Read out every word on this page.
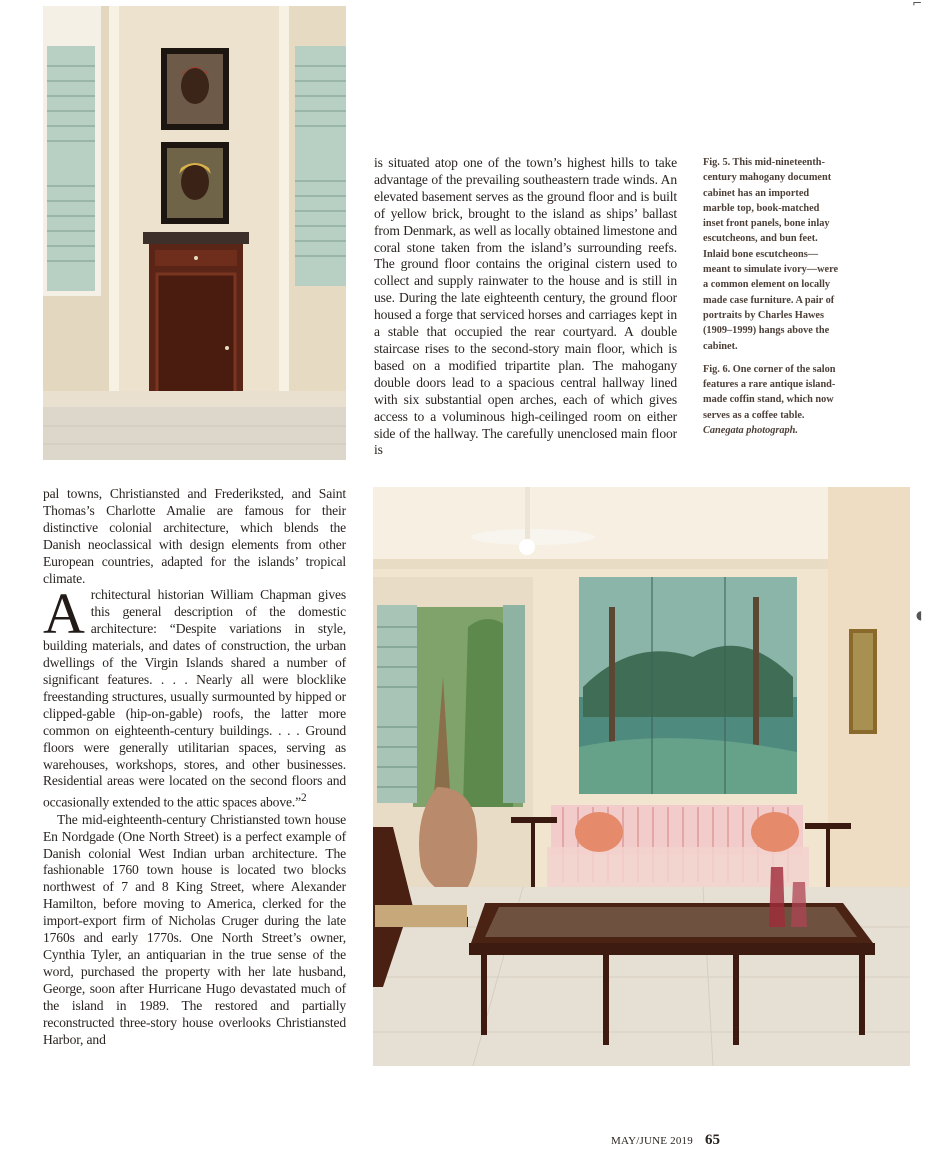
is situated atop one of the town’s highest hills to take advantage of the prevailing southeastern trade winds. An elevated basement serves as the ground floor and is built of yellow brick, brought to the island as ships’ ballast from Denmark, as well as locally obtained limestone and coral stone taken from the island’s surrounding reefs. The ground floor contains the original cistern used to collect and supply rainwater to the house and is still in use. During the late eighteenth century, the ground floor housed a forge that serviced horses and carriages kept in a stable that occupied the rear courtyard. A double staircase rises to the second-story main floor, which is based on a modified tripartite plan. The mahogany double doors lead to a spacious central hallway lined with six substantial open arches, each of which gives access to a voluminous high-ceilinged room on either side of the hallway. The carefully unenclosed main floor is

Fig. 5. This mid-nineteenth-century mahogany document cabinet has an imported marble top, book-matched inset front panels, bone inlay escutcheons, and bun feet. Inlaid bone escutcheons—meant to simulate ivory—were a common element on locally made case furniture. A pair of portraits by Charles Hawes (1909–1999) hangs above the cabinet.

Fig. 6. One corner of the salon features a rare antique island-made coffin stand, which now serves as a coffee table. Canegata photograph.

pal towns, Christiansted and Frederiksted, and Saint Thomas’s Charlotte Amalie are famous for their distinctive colonial architecture, which blends the Danish neoclassical with design elements from other European countries, adapted for the islands’ tropical climate.

Architectural historian William Chapman gives this general description of the domestic architecture: “Despite variations in style, building materials, and dates of construction, the urban dwellings of the Virgin Islands shared a number of significant features. . . . Nearly all were blocklike freestanding structures, usually surmounted by hipped or clipped-gable (hip-on-gable) roofs, the latter more common on eighteenth-century buildings. . . . Ground floors were generally utilitarian spaces, serving as warehouses, workshops, stores, and other businesses. Residential areas were located on the second floors and occasionally extended to the attic spaces above.”$^2$

The mid-eighteenth-century Christiansted town house En Nordgade (One North Street) is a perfect example of Danish colonial West Indian urban architecture. The fashionable 1760 town house is located two blocks northwest of 7 and 8 King Street, where Alexander Hamilton, before moving to America, clerked for the import-export firm of Nicholas Cruger during the late 1760s and early 1770s. One North Street’s owner, Cynthia Tyler, an antiquarian in the true sense of the word, purchased the property with her late husband, George, soon after Hurricane Hugo devastated much of the island in 1989. The restored and partially reconstructed three-story house overlooks Christiansted Harbor, and

MAY/JUNE 2019 65
⌐
◖
